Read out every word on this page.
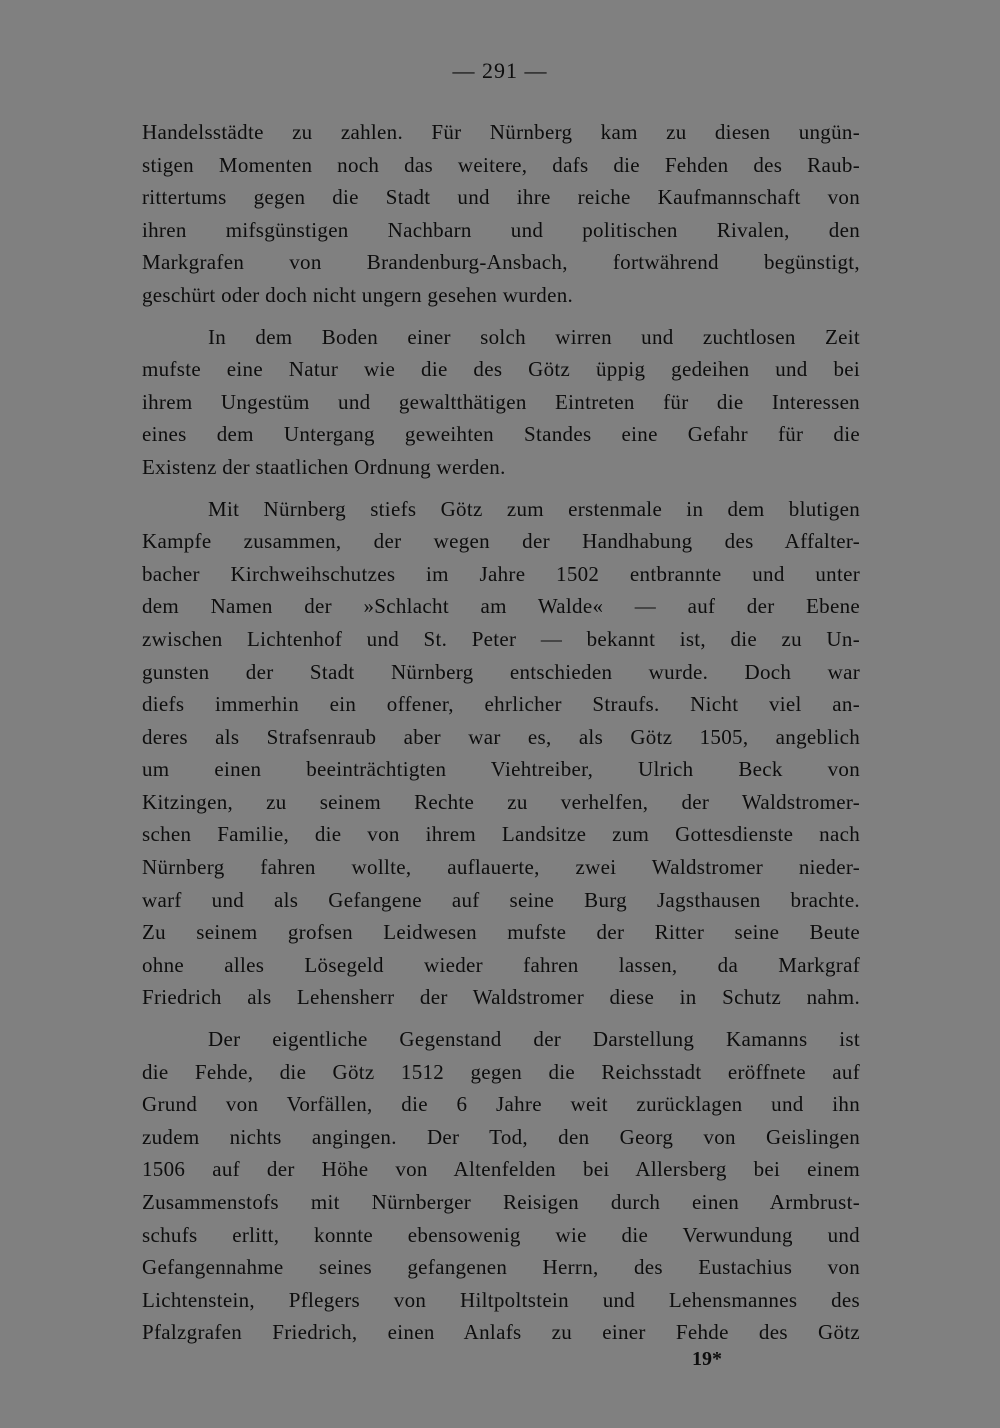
— 291 —
Handelsstädte zu zahlen. Für Nürnberg kam zu diesen ungün-
stigen Momenten noch das weitere, dafs die Fehden des Raub-
rittertums gegen die Stadt und ihre reiche Kaufmannschaft von
ihren mifsgünstigen Nachbarn und politischen Rivalen, den
Markgrafen von Brandenburg-Ansbach, fortwährend begünstigt,
geschürt oder doch nicht ungern gesehen wurden.
In dem Boden einer solch wirren und zuchtlosen Zeit
mufste eine Natur wie die des Götz üppig gedeihen und bei
ihrem Ungestüm und gewaltthätigen Eintreten für die Interessen
eines dem Untergang geweihten Standes eine Gefahr für die
Existenz der staatlichen Ordnung werden.
Mit Nürnberg stiefs Götz zum erstenmale in dem blutigen
Kampfe zusammen, der wegen der Handhabung des Affalter-
bacher Kirchweihschutzes im Jahre 1502 entbrannte und unter
dem Namen der »Schlacht am Walde« — auf der Ebene
zwischen Lichtenhof und St. Peter — bekannt ist, die zu Un-
gunsten der Stadt Nürnberg entschieden wurde. Doch war
diefs immerhin ein offener, ehrlicher Straufs. Nicht viel an-
deres als Strafsenraub aber war es, als Götz 1505, angeblich
um einen beeinträchtigten Viehtreiber, Ulrich Beck von
Kitzingen, zu seinem Rechte zu verhelfen, der Waldstromer-
schen Familie, die von ihrem Landsitze zum Gottesdienste nach
Nürnberg fahren wollte, auflauerte, zwei Waldstromer nieder-
warf und als Gefangene auf seine Burg Jagsthausen brachte.
Zu seinem grofsen Leidwesen mufste der Ritter seine Beute
ohne alles Lösegeld wieder fahren lassen, da Markgraf
Friedrich als Lehensherr der Waldstromer diese in Schutz nahm.
Der eigentliche Gegenstand der Darstellung Kamanns ist
die Fehde, die Götz 1512 gegen die Reichsstadt eröffnete auf
Grund von Vorfällen, die 6 Jahre weit zurücklagen und ihn
zudem nichts angingen. Der Tod, den Georg von Geislingen
1506 auf der Höhe von Altenfelden bei Allersberg bei einem
Zusammenstofs mit Nürnberger Reisigen durch einen Armbrust-
schufs erlitt, konnte ebensowenig wie die Verwundung und
Gefangennahme seines gefangenen Herrn, des Eustachius von
Lichtenstein, Pflegers von Hiltpoltstein und Lehensmannes des
Pfalzgrafen Friedrich, einen Anlafs zu einer Fehde des Götz
19*
